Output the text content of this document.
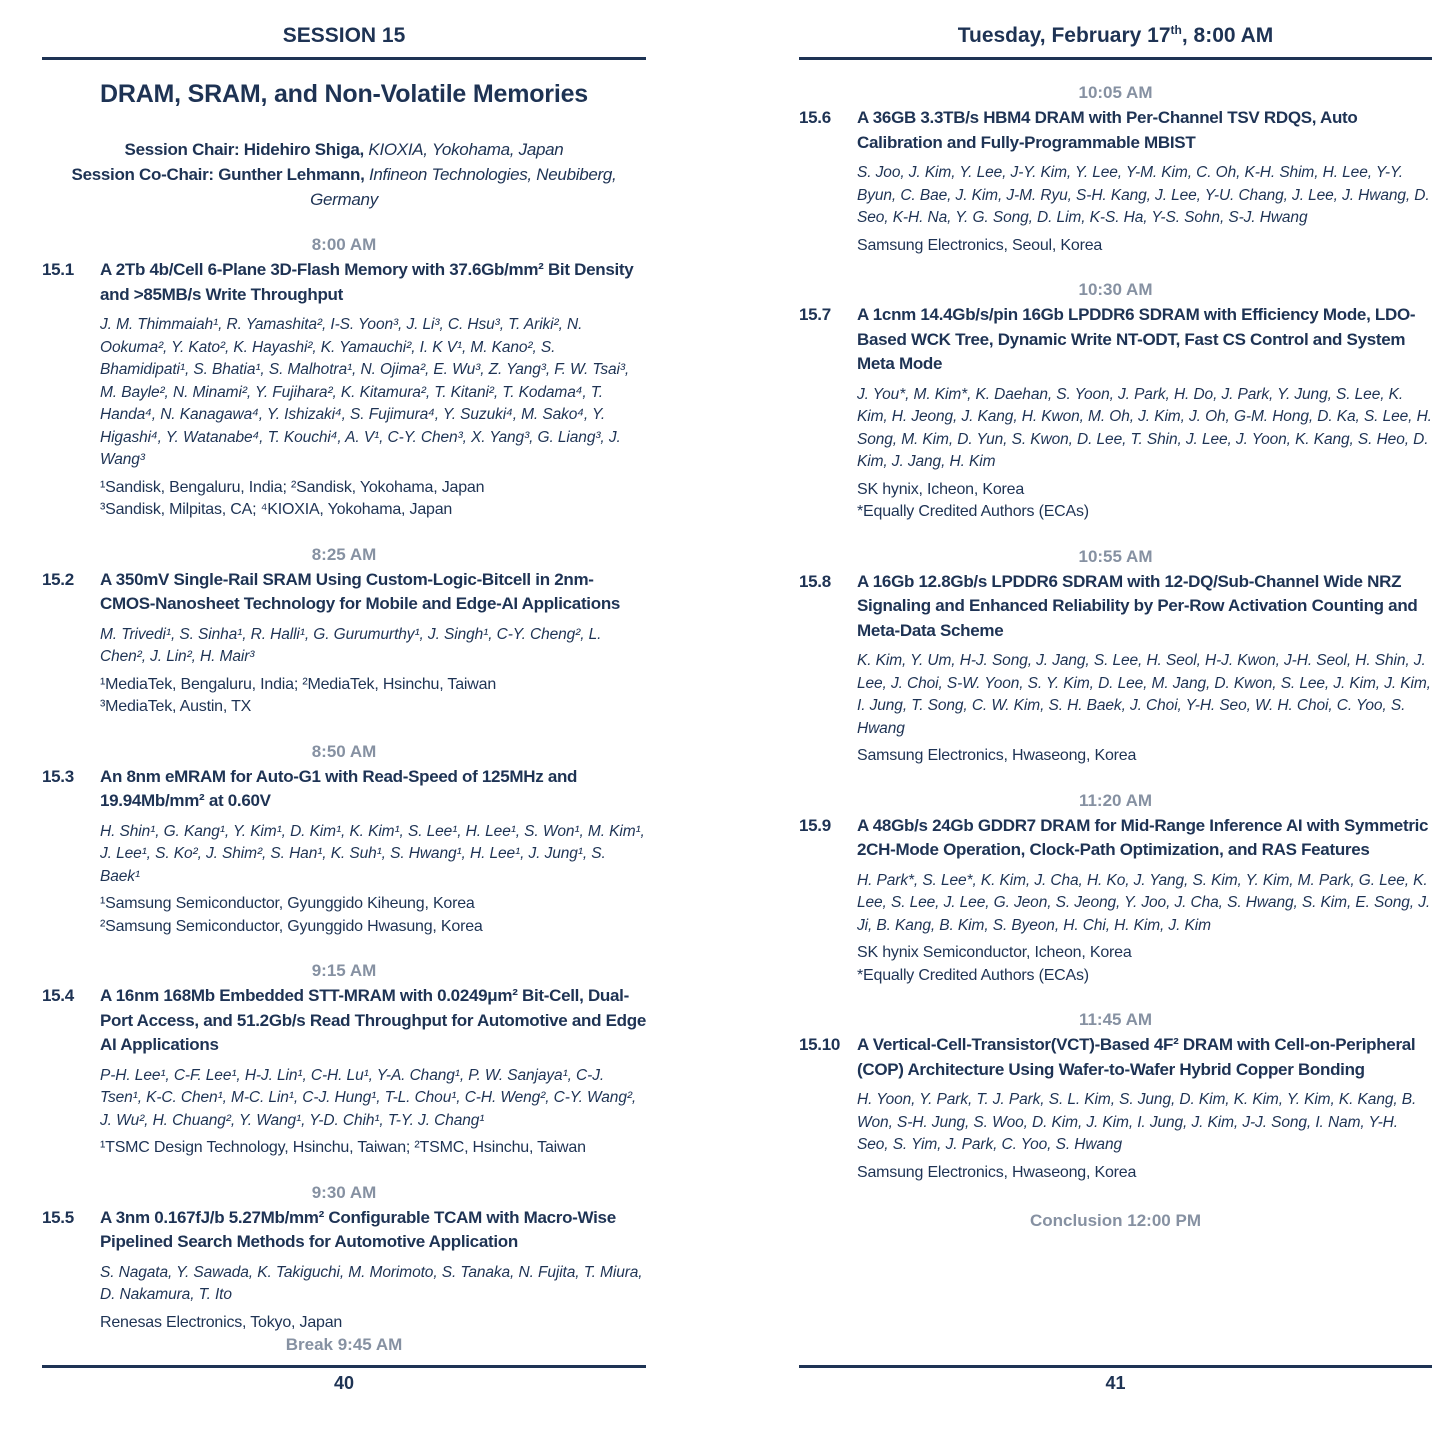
SESSION 15
DRAM, SRAM, and Non-Volatile Memories
Session Chair: Hidehiro Shiga, KIOXIA, Yokohama, Japan
Session Co-Chair: Gunther Lehmann, Infineon Technologies, Neubiberg, Germany
8:00 AM
15.1	A 2Tb 4b/Cell 6-Plane 3D-Flash Memory with 37.6Gb/mm² Bit Density and >85MB/s Write Throughput
J. M. Thimmaiah¹, R. Yamashita², I-S. Yoon³, J. Li³, C. Hsu³, T. Ariki², N. Ookuma², Y. Kato², K. Hayashi², K. Yamauchi², I. K V¹, M. Kano², S. Bhamidipati¹, S. Bhatia¹, S. Malhotra¹, N. Ojima², E. Wu³, Z. Yang³, F. W. Tsai³, M. Bayle², N. Minami², Y. Fujihara², K. Kitamura², T. Kitani², T. Kodama⁴, T. Handa⁴, N. Kanagawa⁴, Y. Ishizaki⁴, S. Fujimura⁴, Y. Suzuki⁴, M. Sako⁴, Y. Higashi⁴, Y. Watanabe⁴, T. Kouchi⁴, A. V¹, C-Y. Chen³, X. Yang³, G. Liang³, J. Wang³
¹Sandisk, Bengaluru, India; ²Sandisk, Yokohama, Japan
³Sandisk, Milpitas, CA; ⁴KIOXIA, Yokohama, Japan
8:25 AM
15.2	A 350mV Single-Rail SRAM Using Custom-Logic-Bitcell in 2nm-CMOS-Nanosheet Technology for Mobile and Edge-AI Applications
M. Trivedi¹, S. Sinha¹, R. Halli¹, G. Gurumurthy¹, J. Singh¹, C-Y. Cheng², L. Chen², J. Lin², H. Mair³
¹MediaTek, Bengaluru, India; ²MediaTek, Hsinchu, Taiwan
³MediaTek, Austin, TX
8:50 AM
15.3	An 8nm eMRAM for Auto-G1 with Read-Speed of 125MHz and 19.94Mb/mm² at 0.60V
H. Shin¹, G. Kang¹, Y. Kim¹, D. Kim¹, K. Kim¹, S. Lee¹, H. Lee¹, S. Won¹, M. Kim¹, J. Lee¹, S. Ko², J. Shim², S. Han¹, K. Suh¹, S. Hwang¹, H. Lee¹, J. Jung¹, S. Baek¹
¹Samsung Semiconductor, Gyunggido Kiheung, Korea
²Samsung Semiconductor, Gyunggido Hwasung, Korea
9:15 AM
15.4	A 16nm 168Mb Embedded STT-MRAM with 0.0249μm² Bit-Cell, Dual-Port Access, and 51.2Gb/s Read Throughput for Automotive and Edge AI Applications
P-H. Lee¹, C-F. Lee¹, H-J. Lin¹, C-H. Lu¹, Y-A. Chang¹, P. W. Sanjaya¹, C-J. Tsen¹, K-C. Chen¹, M-C. Lin¹, C-J. Hung¹, T-L. Chou¹, C-H. Weng², C-Y. Wang², J. Wu², H. Chuang², Y. Wang¹, Y-D. Chih¹, T-Y. J. Chang¹
¹TSMC Design Technology, Hsinchu, Taiwan; ²TSMC, Hsinchu, Taiwan
9:30 AM
15.5	A 3nm 0.167fJ/b 5.27Mb/mm² Configurable TCAM with Macro-Wise Pipelined Search Methods for Automotive Application
S. Nagata, Y. Sawada, K. Takiguchi, M. Morimoto, S. Tanaka, N. Fujita, T. Miura, D. Nakamura, T. Ito
Renesas Electronics, Tokyo, Japan
Break 9:45 AM
40
Tuesday, February 17th, 8:00 AM
10:05 AM
15.6	A 36GB 3.3TB/s HBM4 DRAM with Per-Channel TSV RDQS, Auto Calibration and Fully-Programmable MBIST
S. Joo, J. Kim, Y. Lee, J-Y. Kim, Y. Lee, Y-M. Kim, C. Oh, K-H. Shim, H. Lee, Y-Y. Byun, C. Bae, J. Kim, J-M. Ryu, S-H. Kang, J. Lee, Y-U. Chang, J. Lee, J. Hwang, D. Seo, K-H. Na, Y. G. Song, D. Lim, K-S. Ha, Y-S. Sohn, S-J. Hwang
Samsung Electronics, Seoul, Korea
10:30 AM
15.7	A 1cnm 14.4Gb/s/pin 16Gb LPDDR6 SDRAM with Efficiency Mode, LDO-Based WCK Tree, Dynamic Write NT-ODT, Fast CS Control and System Meta Mode
J. You*, M. Kim*, K. Daehan, S. Yoon, J. Park, H. Do, J. Park, Y. Jung, S. Lee, K. Kim, H. Jeong, J. Kang, H. Kwon, M. Oh, J. Kim, J. Oh, G-M. Hong, D. Ka, S. Lee, H. Song, M. Kim, D. Yun, S. Kwon, D. Lee, T. Shin, J. Lee, J. Yoon, K. Kang, S. Heo, D. Kim, J. Jang, H. Kim
SK hynix, Icheon, Korea
*Equally Credited Authors (ECAs)
10:55 AM
15.8	A 16Gb 12.8Gb/s LPDDR6 SDRAM with 12-DQ/Sub-Channel Wide NRZ Signaling and Enhanced Reliability by Per-Row Activation Counting and Meta-Data Scheme
K. Kim, Y. Um, H-J. Song, J. Jang, S. Lee, H. Seol, H-J. Kwon, J-H. Seol, H. Shin, J. Lee, J. Choi, S-W. Yoon, S. Y. Kim, D. Lee, M. Jang, D. Kwon, S. Lee, J. Kim, J. Kim, I. Jung, T. Song, C. W. Kim, S. H. Baek, J. Choi, Y-H. Seo, W. H. Choi, C. Yoo, S. Hwang
Samsung Electronics, Hwaseong, Korea
11:20 AM
15.9	A 48Gb/s 24Gb GDDR7 DRAM for Mid-Range Inference AI with Symmetric 2CH-Mode Operation, Clock-Path Optimization, and RAS Features
H. Park*, S. Lee*, K. Kim, J. Cha, H. Ko, J. Yang, S. Kim, Y. Kim, M. Park, G. Lee, K. Lee, S. Lee, J. Lee, G. Jeon, S. Jeong, Y. Joo, J. Cha, S. Hwang, S. Kim, E. Song, J. Ji, B. Kang, B. Kim, S. Byeon, H. Chi, H. Kim, J. Kim
SK hynix Semiconductor, Icheon, Korea
*Equally Credited Authors (ECAs)
11:45 AM
15.10 A Vertical-Cell-Transistor(VCT)-Based 4F² DRAM with Cell-on-Peripheral (COP) Architecture Using Wafer-to-Wafer Hybrid Copper Bonding
H. Yoon, Y. Park, T. J. Park, S. L. Kim, S. Jung, D. Kim, K. Kim, Y. Kim, K. Kang, B. Won, S-H. Jung, S. Woo, D. Kim, J. Kim, I. Jung, J. Kim, J-J. Song, I. Nam, Y-H. Seo, S. Yim, J. Park, C. Yoo, S. Hwang
Samsung Electronics, Hwaseong, Korea
Conclusion 12:00 PM
41
